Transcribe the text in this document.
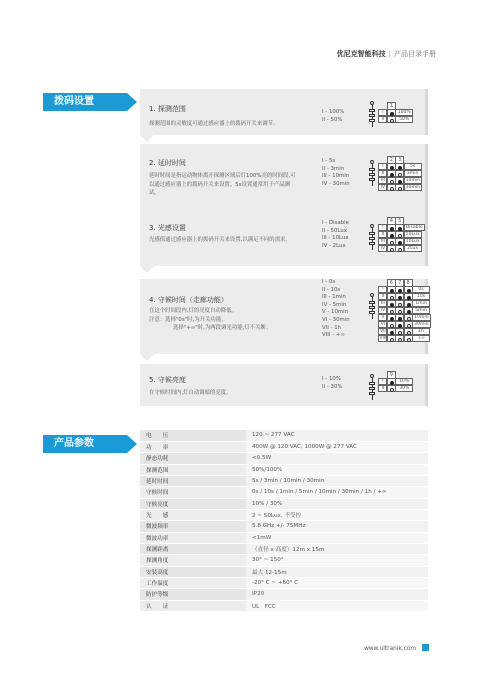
优尼克智能科技 | 产品目录手册
拨码设置
1. 探测范围
探测范围的灵敏度可通过感应器上的拨码开关来调节。
I - 100%
II - 50%
1
I	100%
II	50%
2. 延时时间
延时时间是指运动物体离开探测区域后灯100%亮的时间段,可以通过感应器上的拨码开关来设置。5s设置通常用于产品测试。
I - 5s
II - 3min
III - 10min
IV - 30min
2	3
I	5s
II	3min
III	10min
IV	30min
3. 光感设置
光感值通过感应器上的拨码开关来设置,以满足不同的需求。
I - Disable
II - 50Lux
III - 10Lux
IV - 2Lux
4	5
I	Disable
II	50Lux
III	10Lux
IV	2Lux
4. 守候时间（走廊功能）
在这个时间段内,灯的亮度自动降低。
注意：选择"0s"时,为开关功能，
选择"+∞"时,为两段调光功能,灯不关断。
I - 0s
II - 10s
III - 1min
IV - 5min
V - 10min
VI - 30min
VII - 1h
VIII - +∞
6	7	8
I	0s
II	10s
III	1min
IV	5min
V	10min
VI	30min
VII	1h
VIII	+∞
5. 守候亮度
在守候时间内,灯自动调暗的亮度。
I - 10%
II - 30%
9
I	10%
II	30%
产品参数
电　　压	120 ~ 277 VAC
功　　率	400W @ 120 VAC, 1000W @ 277 VAC
静态功耗	<0.5W
探测范围	50%/100%
延时时间	5s / 3min / 10min / 30min
守候时间	0s / 10s / 1min / 5min / 10min / 30min / 1h / +∞
守候亮度	10% / 30%
光　　感	2 ~ 50Lux, 不受控
微波频率	5.8 GHz +/- 75MHz
微波功率	<1mW
探测距离	（直径 x 高度）12m x 15m
探测角度	30° ~ 150°
安装高度	最大 12-15m
工作温度	-20° C ~ +60° C
防护等级	IP20
认　　证	UL　FCC
www.ultranik.com
